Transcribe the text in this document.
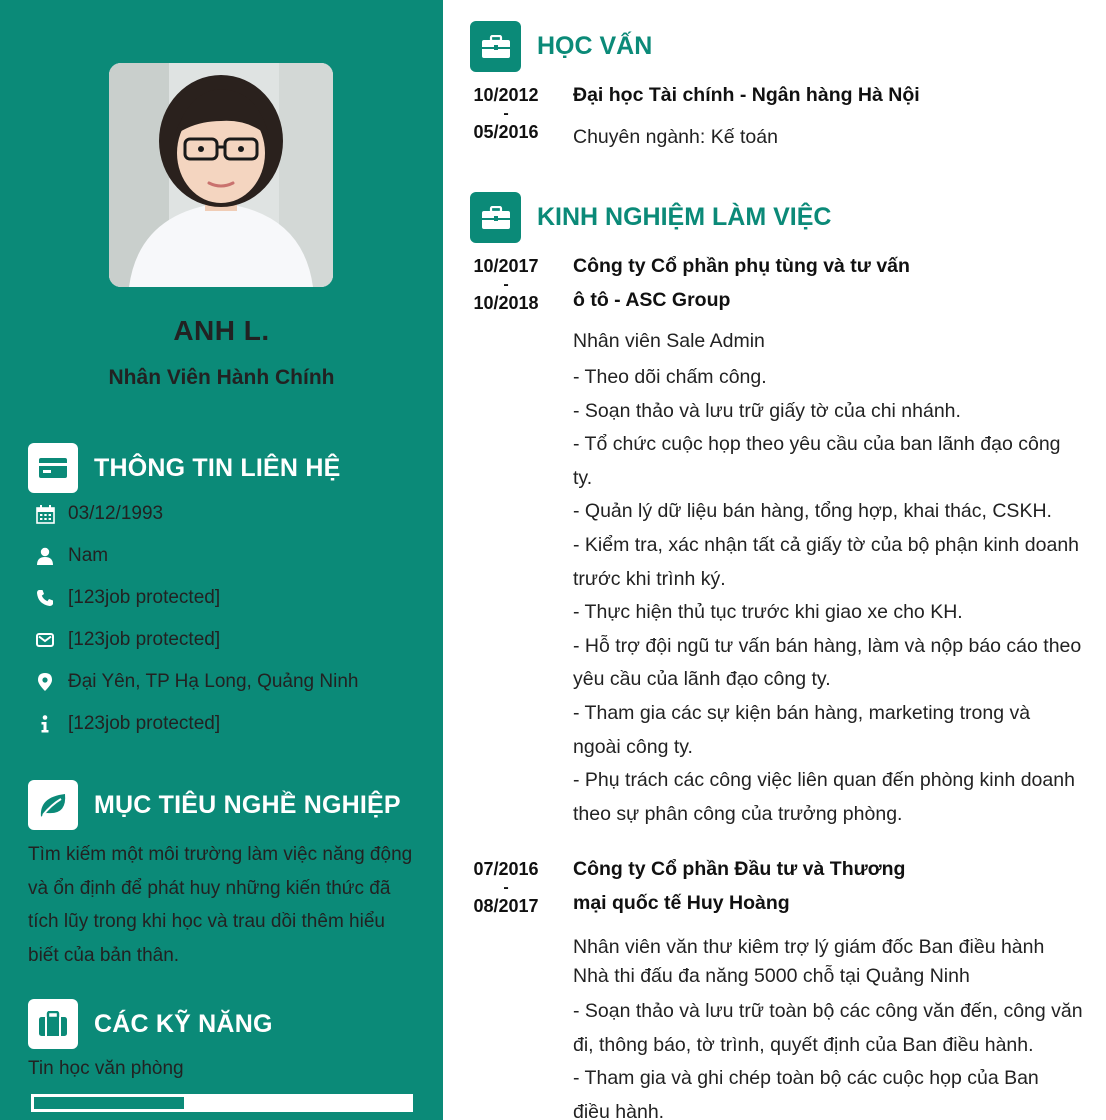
ANH L.
Nhân Viên Hành Chính
THÔNG TIN LIÊN HỆ
03/12/1993
Nam
[123job protected]
[123job protected]
Đại Yên, TP Hạ Long, Quảng Ninh
[123job protected]
MỤC TIÊU NGHỀ NGHIỆP
Tìm kiếm một môi trường làm việc năng động và ổn định để phát huy những kiến thức đã tích lũy trong khi học và trau dồi thêm hiểu biết của bản thân.
CÁC KỸ NĂNG
Tin học văn phòng
HỌC VẤN
10/2012
-
05/2016
Đại học Tài chính - Ngân hàng Hà Nội
Chuyên ngành: Kế toán
KINH NGHIỆM LÀM VIỆC
10/2017
-
10/2018
Công ty Cổ phần phụ tùng và tư vấn
ô tô - ASC Group
Nhân viên Sale Admin
- Theo dõi chấm công.
- Soạn thảo và lưu trữ giấy tờ của chi nhánh.
- Tổ chức cuộc họp theo yêu cầu của ban lãnh đạo công
ty.
- Quản lý dữ liệu bán hàng, tổng hợp, khai thác, CSKH.
- Kiểm tra, xác nhận tất cả giấy tờ của bộ phận kinh doanh
trước khi trình ký.
- Thực hiện thủ tục trước khi giao xe cho KH.
- Hỗ trợ đội ngũ tư vấn bán hàng, làm và nộp báo cáo theo
yêu cầu của lãnh đạo công ty.
- Tham gia các sự kiện bán hàng, marketing trong và
ngoài công ty.
- Phụ trách các công việc liên quan đến phòng kinh doanh
theo sự phân công của trưởng phòng.
07/2016
-
08/2017
Công ty Cổ phần Đầu tư và Thương
mại quốc tế Huy Hoàng
Nhân viên văn thư kiêm trợ lý giám đốc Ban điều hành
Nhà thi đấu đa năng 5000 chỗ tại Quảng Ninh
- Soạn thảo và lưu trữ toàn bộ các công văn đến, công văn
đi, thông báo, tờ trình, quyết định của Ban điều hành.
- Tham gia và ghi chép toàn bộ các cuộc họp của Ban
điều hành.
